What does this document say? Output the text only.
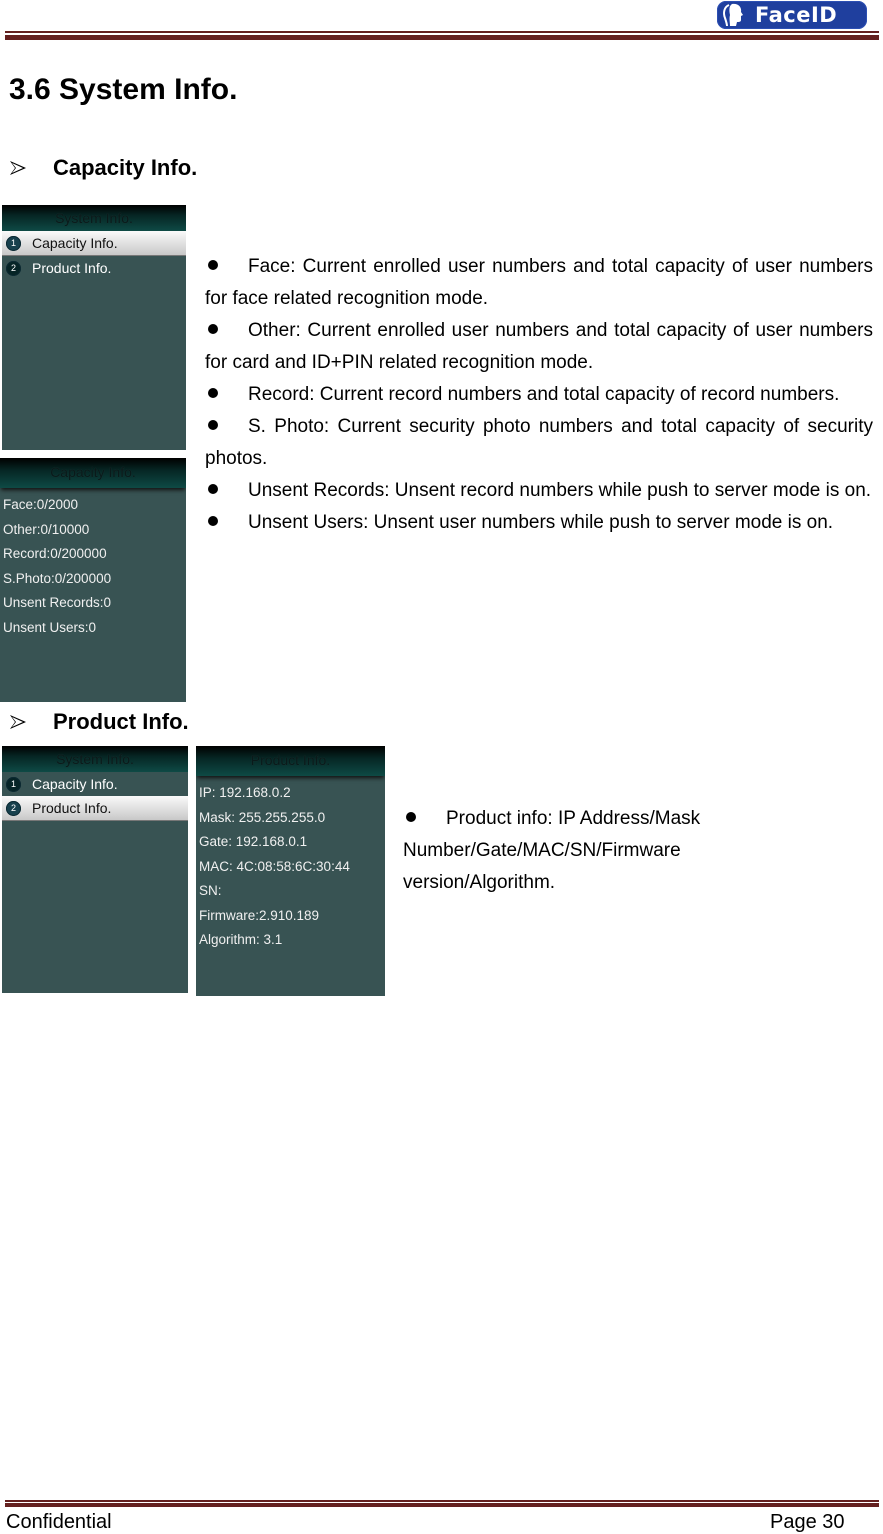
FaceID
3.6 System Info.
Capacity Info.
System Info.
1	Capacity Info.
2	Product Info.
Capacity Info.
Face:0/2000
Other:0/10000
Record:0/200000
S.Photo:0/200000
Unsent Records:0
Unsent Users:0

Face: Current enrolled user numbers and total capacity of user numbers for face related recognition mode.

Other: Current enrolled user numbers and total capacity of user numbers for card and ID+PIN related recognition mode.

Record: Current record numbers and total capacity of record numbers.

S. Photo: Current security photo numbers and total capacity of security photos.

Unsent Records: Unsent record numbers while push to server mode is on.

Unsent Users: Unsent user numbers while push to server mode is on.

Product Info.
System Info.
1	Capacity Info.
2	Product Info.
Product Info.
IP: 192.168.0.2
Mask: 255.255.255.0
Gate: 192.168.0.1
MAC: 4C:08:58:6C:30:44
SN:
Firmware:2.910.189
Algorithm: 3.1

Product info: IP Address/Mask Number/Gate/MAC/SN/Firmware version/Algorithm.

Confidential	Page 30
